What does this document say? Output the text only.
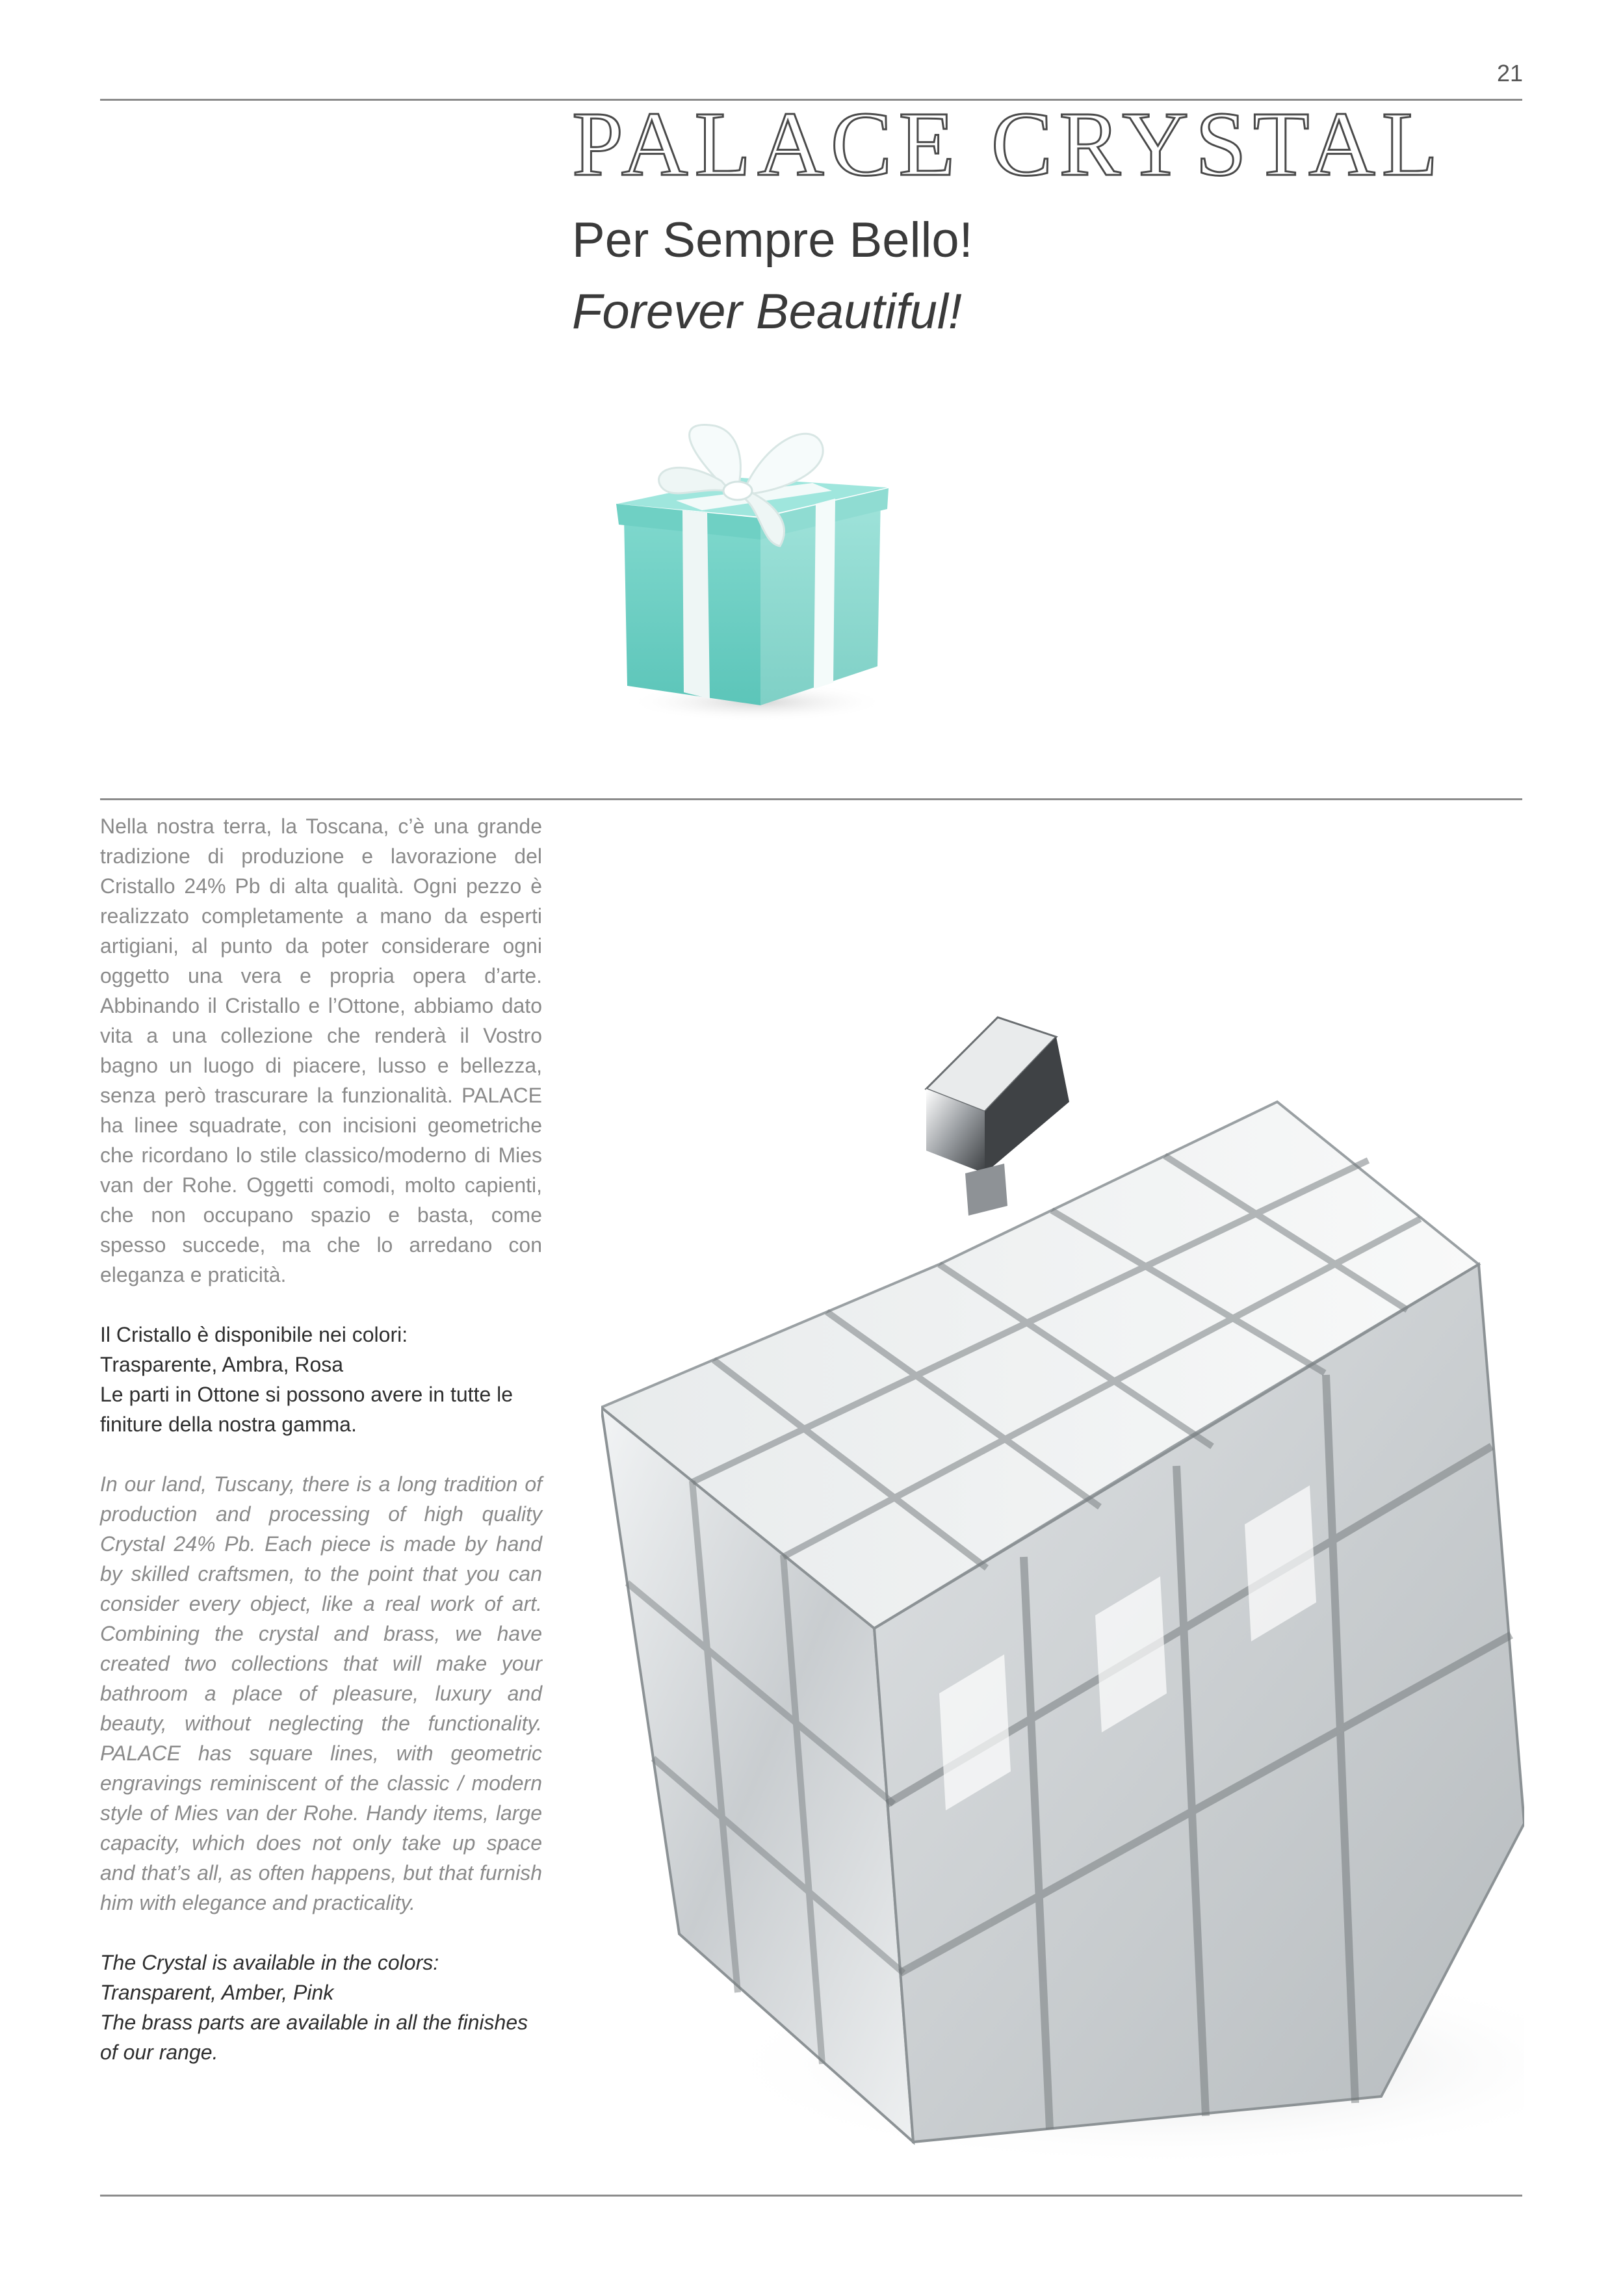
21
PALACE CRYSTAL
Per Sempre Bello!
Forever Beautiful!

Nella nostra terra, la Toscana, c’è una grande tradizione di produzione e lavorazione del Cristallo 24% Pb di alta qualità. Ogni pezzo è realizzato completamente a mano da esperti artigiani, al punto da poter considerare ogni oggetto una vera e propria opera d’arte. Abbinando il Cristallo e l’Ottone, abbiamo dato vita a una collezione che renderà il Vostro bagno un luogo di piacere, lusso e bellezza, senza però trascurare la funzionalità. PALACE ha linee squadrate, con incisioni geometriche che ricordano lo stile classico/moderno di Mies van der Rohe. Oggetti comodi, molto capienti, che non occupano spazio e basta, come spesso succede, ma che lo arredano con eleganza e praticità.

Il Cristallo è disponibile nei colori:
Trasparente, Ambra, Rosa
Le parti in Ottone si possono avere in tutte le finiture della nostra gamma.

In our land, Tuscany, there is a long tradition of production and processing of high quality Crystal 24% Pb. Each piece is made by hand by skilled craftsmen, to the point that you can consider every object, like a real work of art. Combining the crystal and brass, we have created two collections that will make your bathroom a place of pleasure, luxury and beauty, without neglecting the functionality. PALACE has square lines, with geometric engravings reminiscent of the classic / modern style of Mies van der Rohe. Handy items, large capacity, which does not only take up space and that’s all, as often happens, but that furnish him with elegance and practicality.

The Crystal is available in the colors:
Transparent, Amber, Pink
The brass parts are available in all the finishes of our range.
